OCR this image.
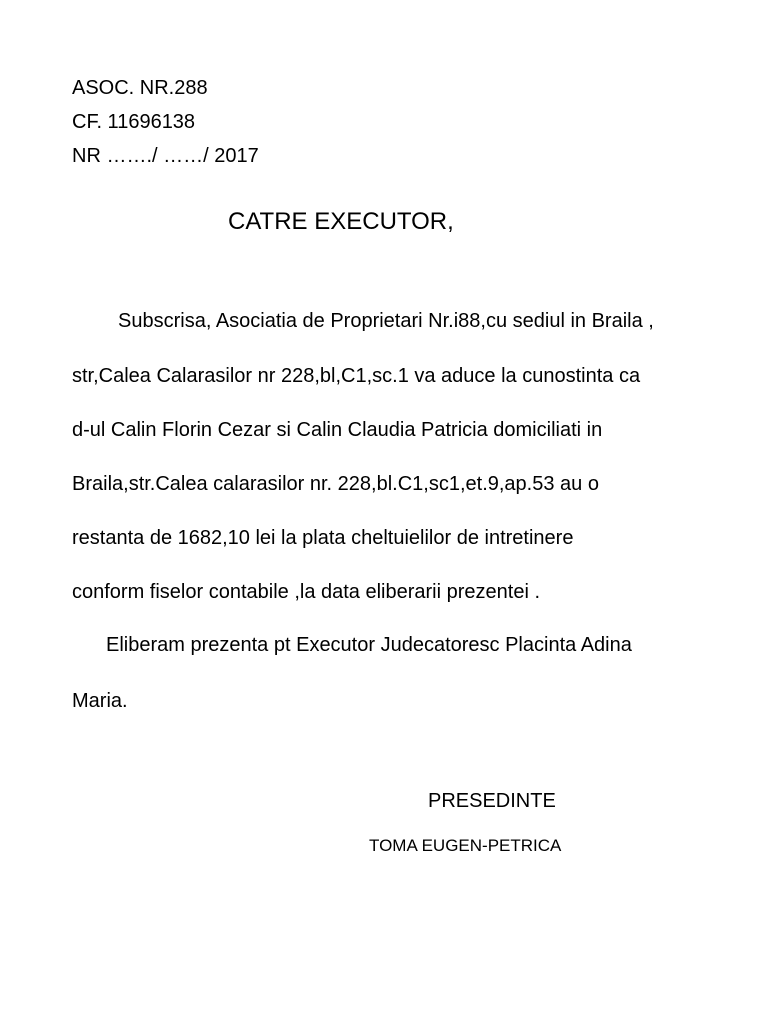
ASOC. NR.288
CF. 11696138
NR ……./ ……/ 2017
CATRE EXECUTOR,
Subscrisa, Asociatia de Proprietari Nr.i88,cu sediul in Braila ,
str,Calea Calarasilor nr 228,bl,C1,sc.1 va aduce la cunostinta ca
d-ul Calin Florin Cezar si Calin Claudia Patricia domiciliati in
Braila,str.Calea calarasilor nr. 228,bl.C1,sc1,et.9,ap.53 au o
restanta de 1682,10 lei la plata cheltuielilor de intretinere
conform fiselor contabile ,la data eliberarii prezentei .
Eliberam prezenta pt Executor Judecatoresc Placinta Adina
Maria.
PRESEDINTE
TOMA EUGEN-PETRICA
